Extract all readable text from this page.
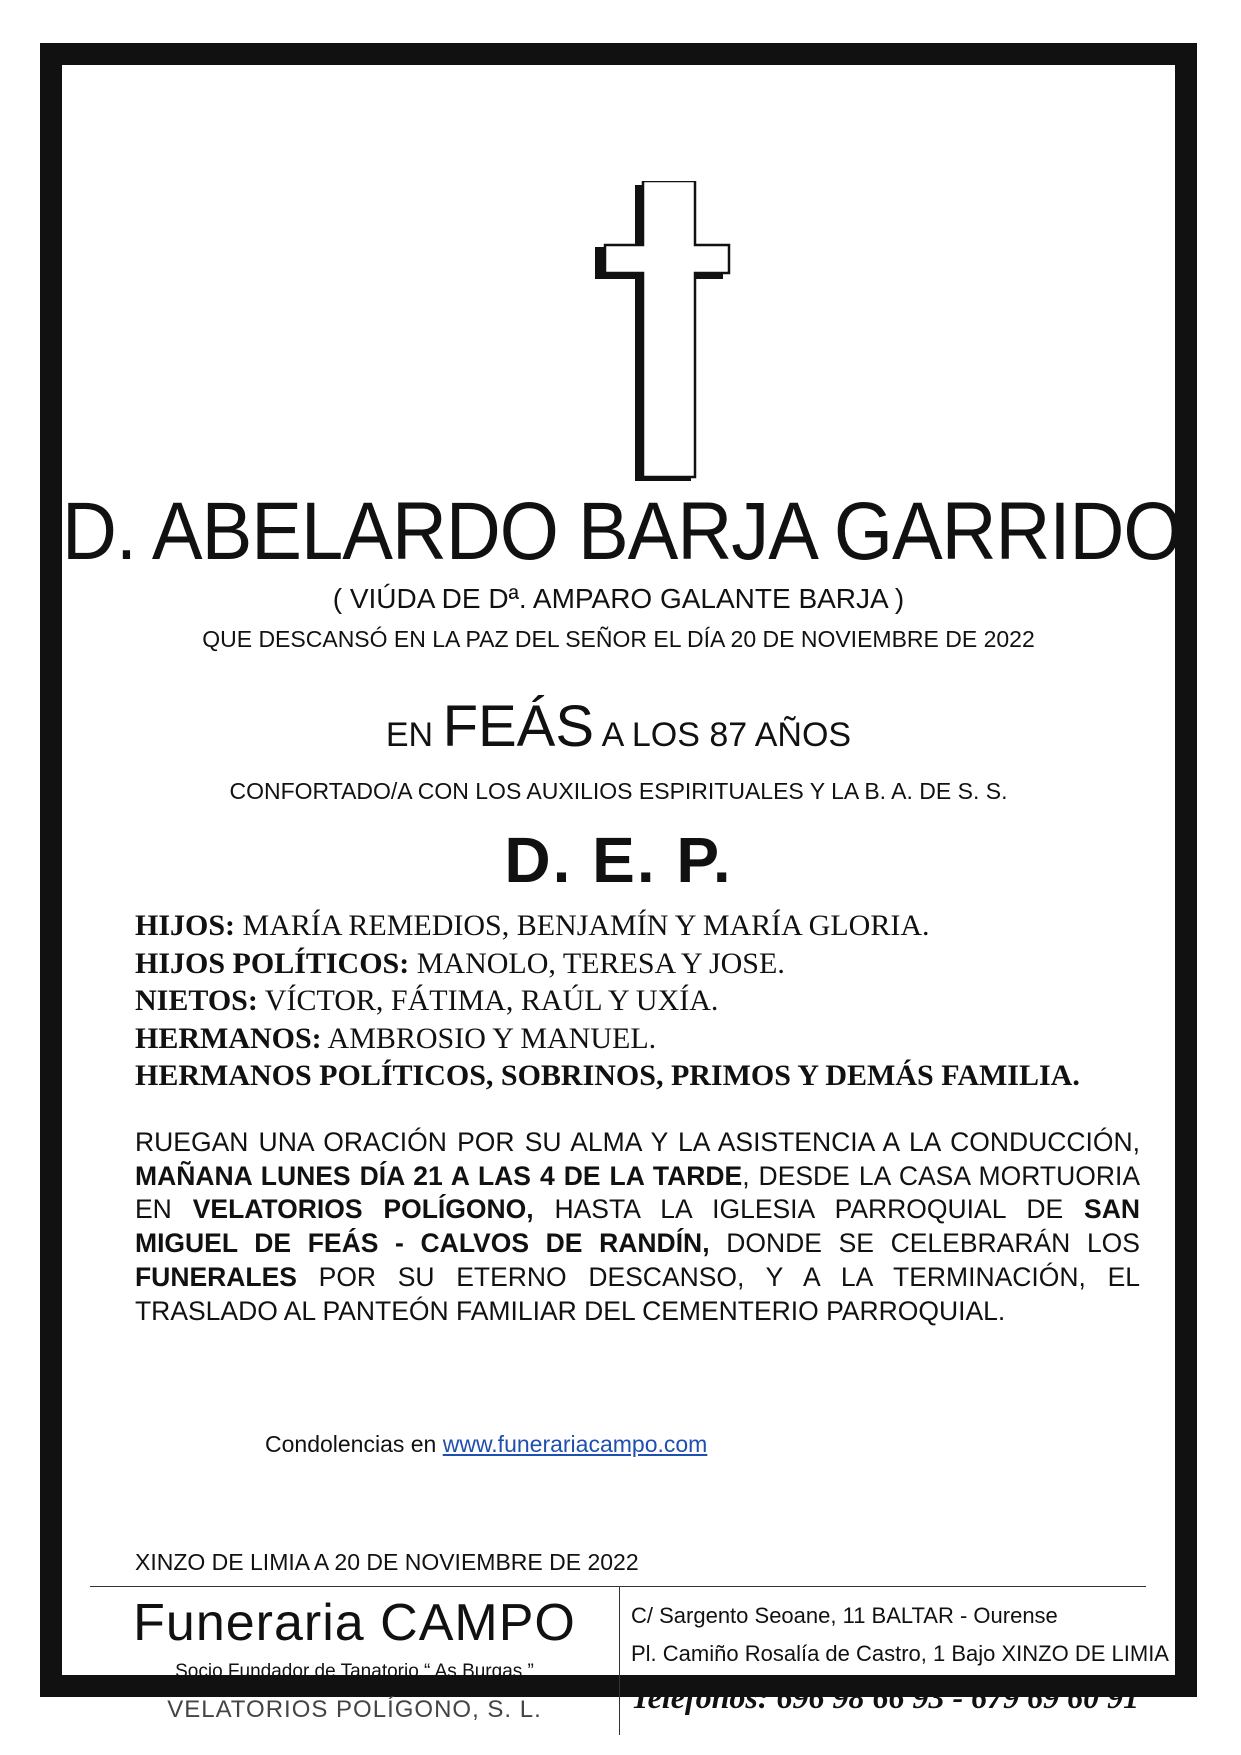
D. ABELARDO BARJA GARRIDO
( VIÚDA DE Dª. AMPARO GALANTE BARJA )
QUE DESCANSÓ EN LA PAZ DEL SEÑOR EL DÍA 20 DE NOVIEMBRE DE 2022
EN FEÁS A LOS 87 AÑOS
CONFORTADO/A CON LOS AUXILIOS ESPIRITUALES Y LA B. A. DE S. S.
D. E. P.
HIJOS: MARÍA REMEDIOS, BENJAMÍN Y MARÍA GLORIA.
HIJOS POLÍTICOS: MANOLO, TERESA Y JOSE.
NIETOS: VÍCTOR, FÁTIMA, RAÚL Y UXÍA.
HERMANOS: AMBROSIO Y MANUEL.
HERMANOS POLÍTICOS, SOBRINOS, PRIMOS Y DEMÁS FAMILIA.
RUEGAN UNA ORACIÓN POR SU ALMA Y LA ASISTENCIA A LA CONDUCCIÓN, MAÑANA LUNES DÍA 21 A LAS 4 DE LA TARDE, DESDE LA CASA MORTUORIA EN VELATORIOS POLÍGONO, HASTA LA IGLESIA PARROQUIAL DE SAN MIGUEL DE FEÁS - CALVOS DE RANDÍN, DONDE SE CELEBRARÁN LOS FUNERALES POR SU ETERNO DESCANSO, Y A LA TERMINACIÓN, EL TRASLADO AL PANTEÓN FAMILIAR DEL CEMENTERIO PARROQUIAL.
Condolencias en www.funerariacampo.com
XINZO DE LIMIA A 20 DE NOVIEMBRE DE 2022
Funeraria CAMPO
Socio Fundador de Tanatorio “ As Burgas ”
VELATORIOS POLÍGONO, S. L.
C/ Sargento Seoane, 11 BALTAR - Ourense
Pl. Camiño Rosalía de Castro, 1 Bajo XINZO DE LIMIA
Teléfonos: 696 98 66 93 - 679 69 60 91
